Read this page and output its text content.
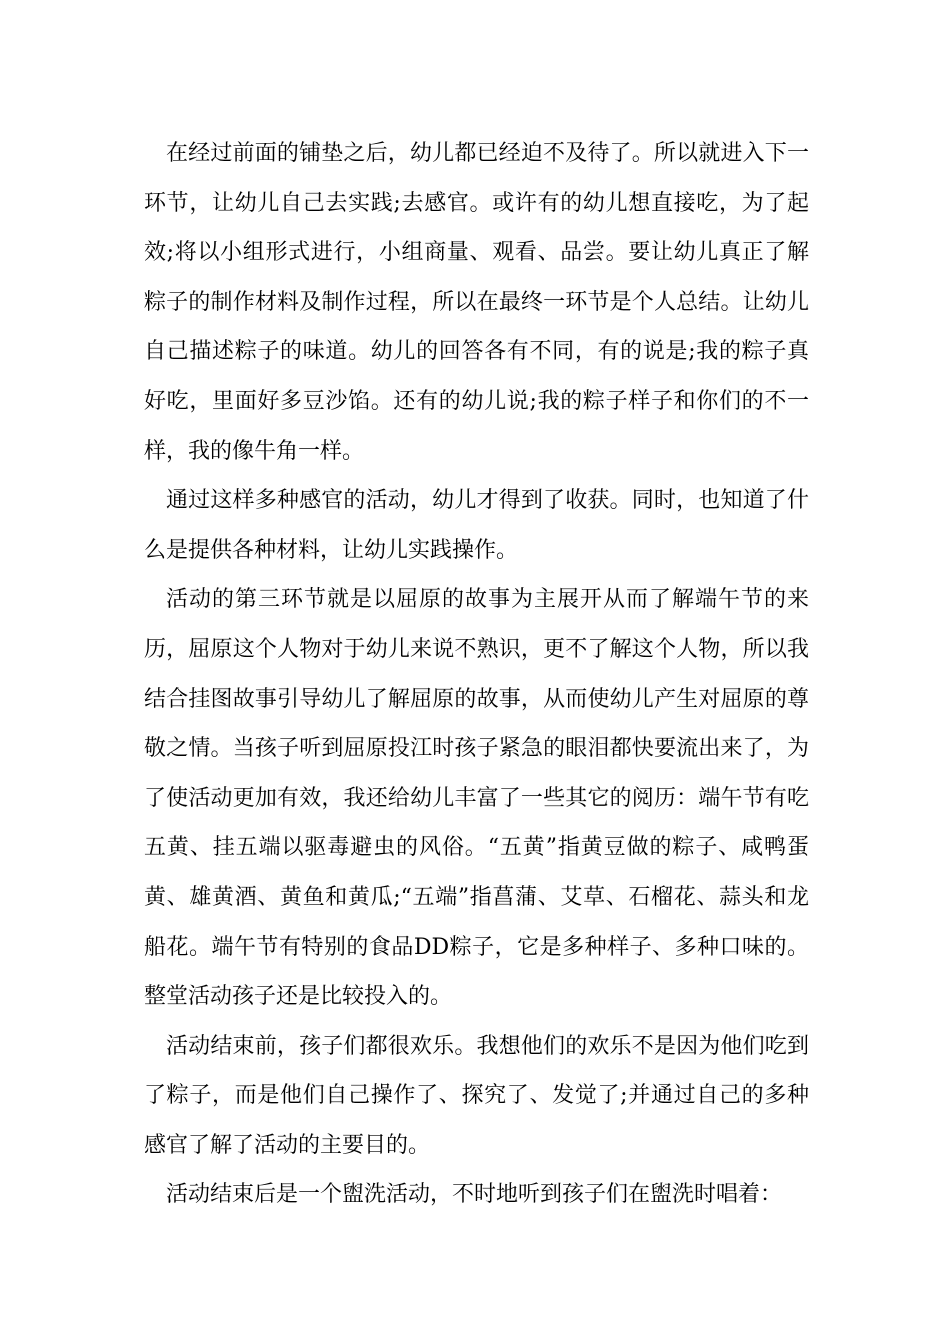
在经过前面的铺垫之后，幼儿都已经迫不及待了。所以就进入下一环节，让幼儿自己去实践;去感官。或许有的幼儿想直接吃，为了起效;将以小组形式进行，小组商量、观看、品尝。要让幼儿真正了解粽子的制作材料及制作过程，所以在最终一环节是个人总结。让幼儿自己描述粽子的味道。幼儿的回答各有不同，有的说是;我的粽子真好吃，里面好多豆沙馅。还有的幼儿说;我的粽子样子和你们的不一样，我的像牛角一样。

通过这样多种感官的活动，幼儿才得到了收获。同时，也知道了什么是提供各种材料，让幼儿实践操作。

活动的第三环节就是以屈原的故事为主展开从而了解端午节的来历，屈原这个人物对于幼儿来说不熟识，更不了解这个人物，所以我结合挂图故事引导幼儿了解屈原的故事，从而使幼儿产生对屈原的尊敬之情。当孩子听到屈原投江时孩子紧急的眼泪都快要流出来了，为了使活动更加有效，我还给幼儿丰富了一些其它的阅历：端午节有吃五黄、挂五端以驱毒避虫的风俗。“五黄”指黄豆做的粽子、咸鸭蛋黄、雄黄酒、黄鱼和黄瓜;“五端”指菖蒲、艾草、石榴花、蒜头和龙船花。端午节有特别的食品DD粽子，它是多种样子、多种口味的。整堂活动孩子还是比较投入的。

活动结束前，孩子们都很欢乐。我想他们的欢乐不是因为他们吃到了粽子，而是他们自己操作了、探究了、发觉了;并通过自己的多种感官了解了活动的主要目的。

活动结束后是一个盥洗活动，不时地听到孩子们在盥洗时唱着：
